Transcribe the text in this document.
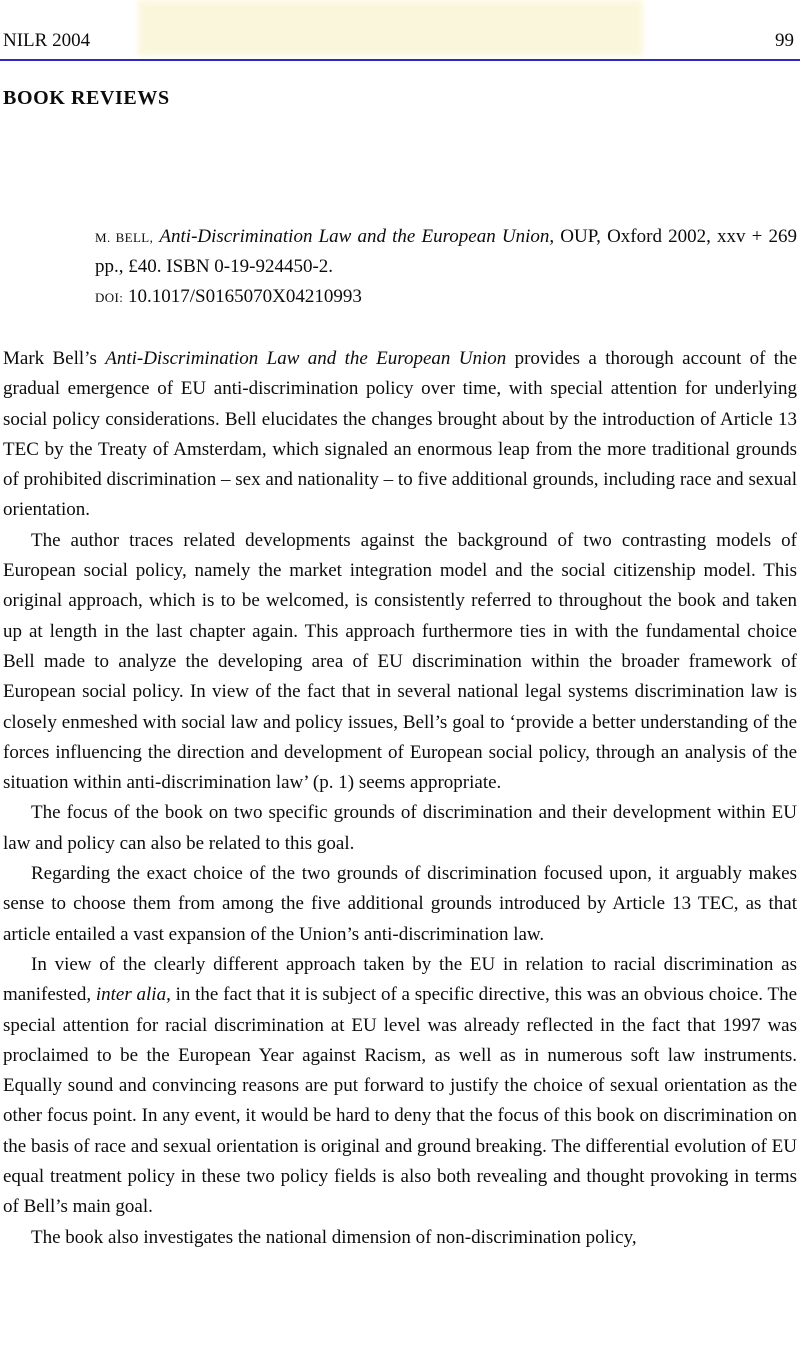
NILR 2004	99
BOOK REVIEWS

M. Bell, Anti-Discrimination Law and the European Union, OUP, Oxford 2002, xxv + 269 pp., £40. ISBN 0-19-924450-2.

DOI: 10.1017/S0165070X04210993

Mark Bell’s Anti-Discrimination Law and the European Union provides a thorough account of the gradual emergence of EU anti-discrimination policy over time, with special attention for underlying social policy considerations. Bell elucidates the changes brought about by the introduction of Article 13 TEC by the Treaty of Amsterdam, which signaled an enormous leap from the more traditional grounds of prohibited discrimination – sex and nationality – to five additional grounds, including race and sexual orientation.

The author traces related developments against the background of two contrasting models of European social policy, namely the market integration model and the social citizenship model. This original approach, which is to be welcomed, is consistently referred to throughout the book and taken up at length in the last chapter again. This approach furthermore ties in with the fundamental choice Bell made to analyze the developing area of EU discrimination within the broader framework of European social policy. In view of the fact that in several national legal systems discrimination law is closely enmeshed with social law and policy issues, Bell’s goal to ‘provide a better understanding of the forces influencing the direction and development of European social policy, through an analysis of the situation within anti-discrimination law’ (p. 1) seems appropriate.

The focus of the book on two specific grounds of discrimination and their development within EU law and policy can also be related to this goal.

Regarding the exact choice of the two grounds of discrimination focused upon, it arguably makes sense to choose them from among the five additional grounds introduced by Article 13 TEC, as that article entailed a vast expansion of the Union’s anti-discrimination law.

In view of the clearly different approach taken by the EU in relation to racial discrimination as manifested, inter alia, in the fact that it is subject of a specific directive, this was an obvious choice. The special attention for racial discrimination at EU level was already reflected in the fact that 1997 was proclaimed to be the European Year against Racism, as well as in numerous soft law instruments. Equally sound and convincing reasons are put forward to justify the choice of sexual orientation as the other focus point. In any event, it would be hard to deny that the focus of this book on discrimination on the basis of race and sexual orientation is original and ground breaking. The differential evolution of EU equal treatment policy in these two policy fields is also both revealing and thought provoking in terms of Bell’s main goal.

The book also investigates the national dimension of non-discrimination policy,
